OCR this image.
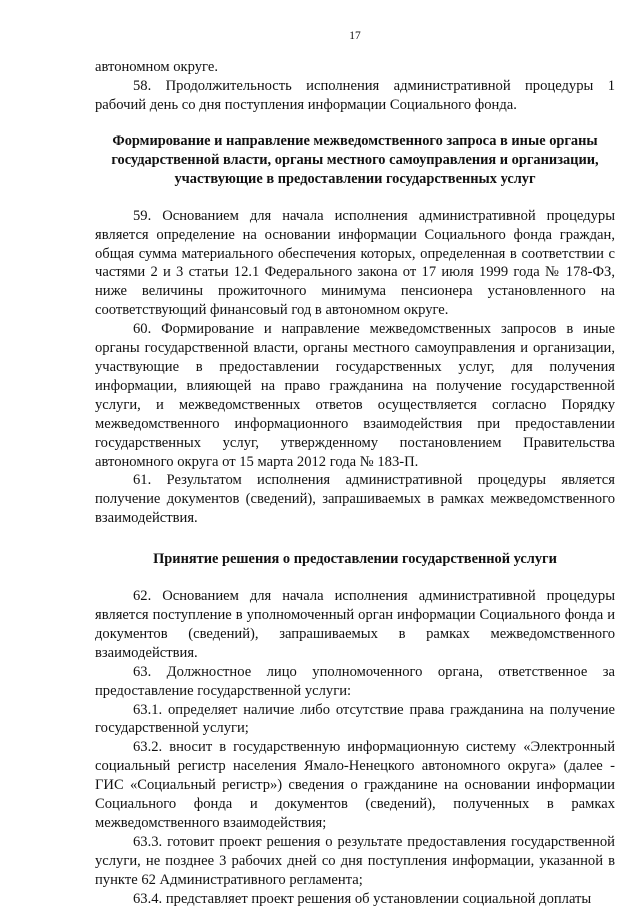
17

автономном округе.

58. Продолжительность исполнения административной процедуры 1 рабочий день со дня поступления информации Социального фонда.

Формирование и направление межведомственного запроса в иные органы государственной власти, органы местного самоуправления и организации, участвующие в предоставлении государственных услуг

59. Основанием для начала исполнения административной процедуры является определение на основании информации Социального фонда граждан, общая сумма материального обеспечения которых, определенная в соответствии с частями 2 и 3 статьи 12.1 Федерального закона от 17 июля 1999 года № 178-ФЗ, ниже величины прожиточного минимума пенсионера установленного на соответствующий финансовый год в автономном округе.

60. Формирование и направление межведомственных запросов в иные органы государственной власти, органы местного самоуправления и организации, участвующие в предоставлении государственных услуг, для получения информации, влияющей на право гражданина на получение государственной услуги, и межведомственных ответов осуществляется согласно Порядку межведомственного информационного взаимодействия при предоставлении государственных услуг, утвержденному постановлением Правительства автономного округа от 15 марта 2012 года № 183-П.

61. Результатом исполнения административной процедуры является получение документов (сведений), запрашиваемых в рамках межведомственного взаимодействия.

Принятие решения о предоставлении государственной услуги

62. Основанием для начала исполнения административной процедуры является поступление в уполномоченный орган информации Социального фонда и документов (сведений), запрашиваемых в рамках межведомственного взаимодействия.

63. Должностное лицо уполномоченного органа, ответственное за предоставление государственной услуги:

63.1. определяет наличие либо отсутствие права гражданина на получение государственной услуги;

63.2. вносит в государственную информационную систему «Электронный социальный регистр населения Ямало-Ненецкого автономного округа» (далее - ГИС «Социальный регистр») сведения о гражданине на основании информации Социального фонда и документов (сведений), полученных в рамках межведомственного взаимодействия;

63.3. готовит проект решения о результате предоставления государственной услуги, не позднее 3 рабочих дней со дня поступления информации, указанной в пункте 62 Административного регламента;

63.4. представляет проект решения об установлении социальной доплаты
